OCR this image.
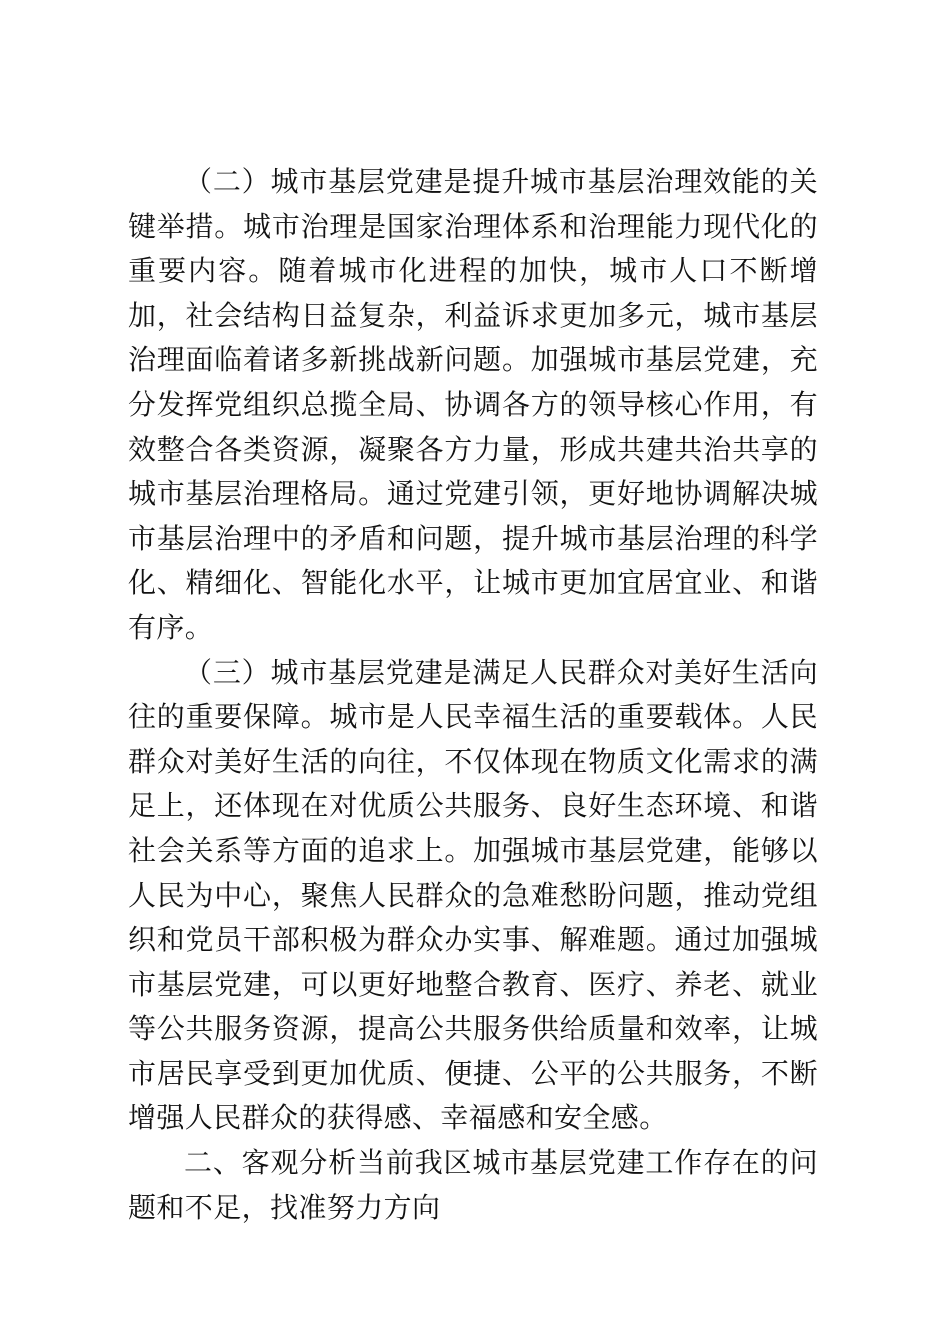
（二）城市基层党建是提升城市基层治理效能的关键举措。城市治理是国家治理体系和治理能力现代化的重要内容。随着城市化进程的加快，城市人口不断增加，社会结构日益复杂，利益诉求更加多元，城市基层治理面临着诸多新挑战新问题。加强城市基层党建，充分发挥党组织总揽全局、协调各方的领导核心作用，有效整合各类资源，凝聚各方力量，形成共建共治共享的城市基层治理格局。通过党建引领，更好地协调解决城市基层治理中的矛盾和问题，提升城市基层治理的科学化、精细化、智能化水平，让城市更加宜居宜业、和谐有序。

（三）城市基层党建是满足人民群众对美好生活向往的重要保障。城市是人民幸福生活的重要载体。人民群众对美好生活的向往，不仅体现在物质文化需求的满足上，还体现在对优质公共服务、良好生态环境、和谐社会关系等方面的追求上。加强城市基层党建，能够以人民为中心，聚焦人民群众的急难愁盼问题，推动党组织和党员干部积极为群众办实事、解难题。通过加强城市基层党建，可以更好地整合教育、医疗、养老、就业等公共服务资源，提高公共服务供给质量和效率，让城市居民享受到更加优质、便捷、公平的公共服务，不断增强人民群众的获得感、幸福感和安全感。

二、客观分析当前我区城市基层党建工作存在的问题和不足，找准努力方向
